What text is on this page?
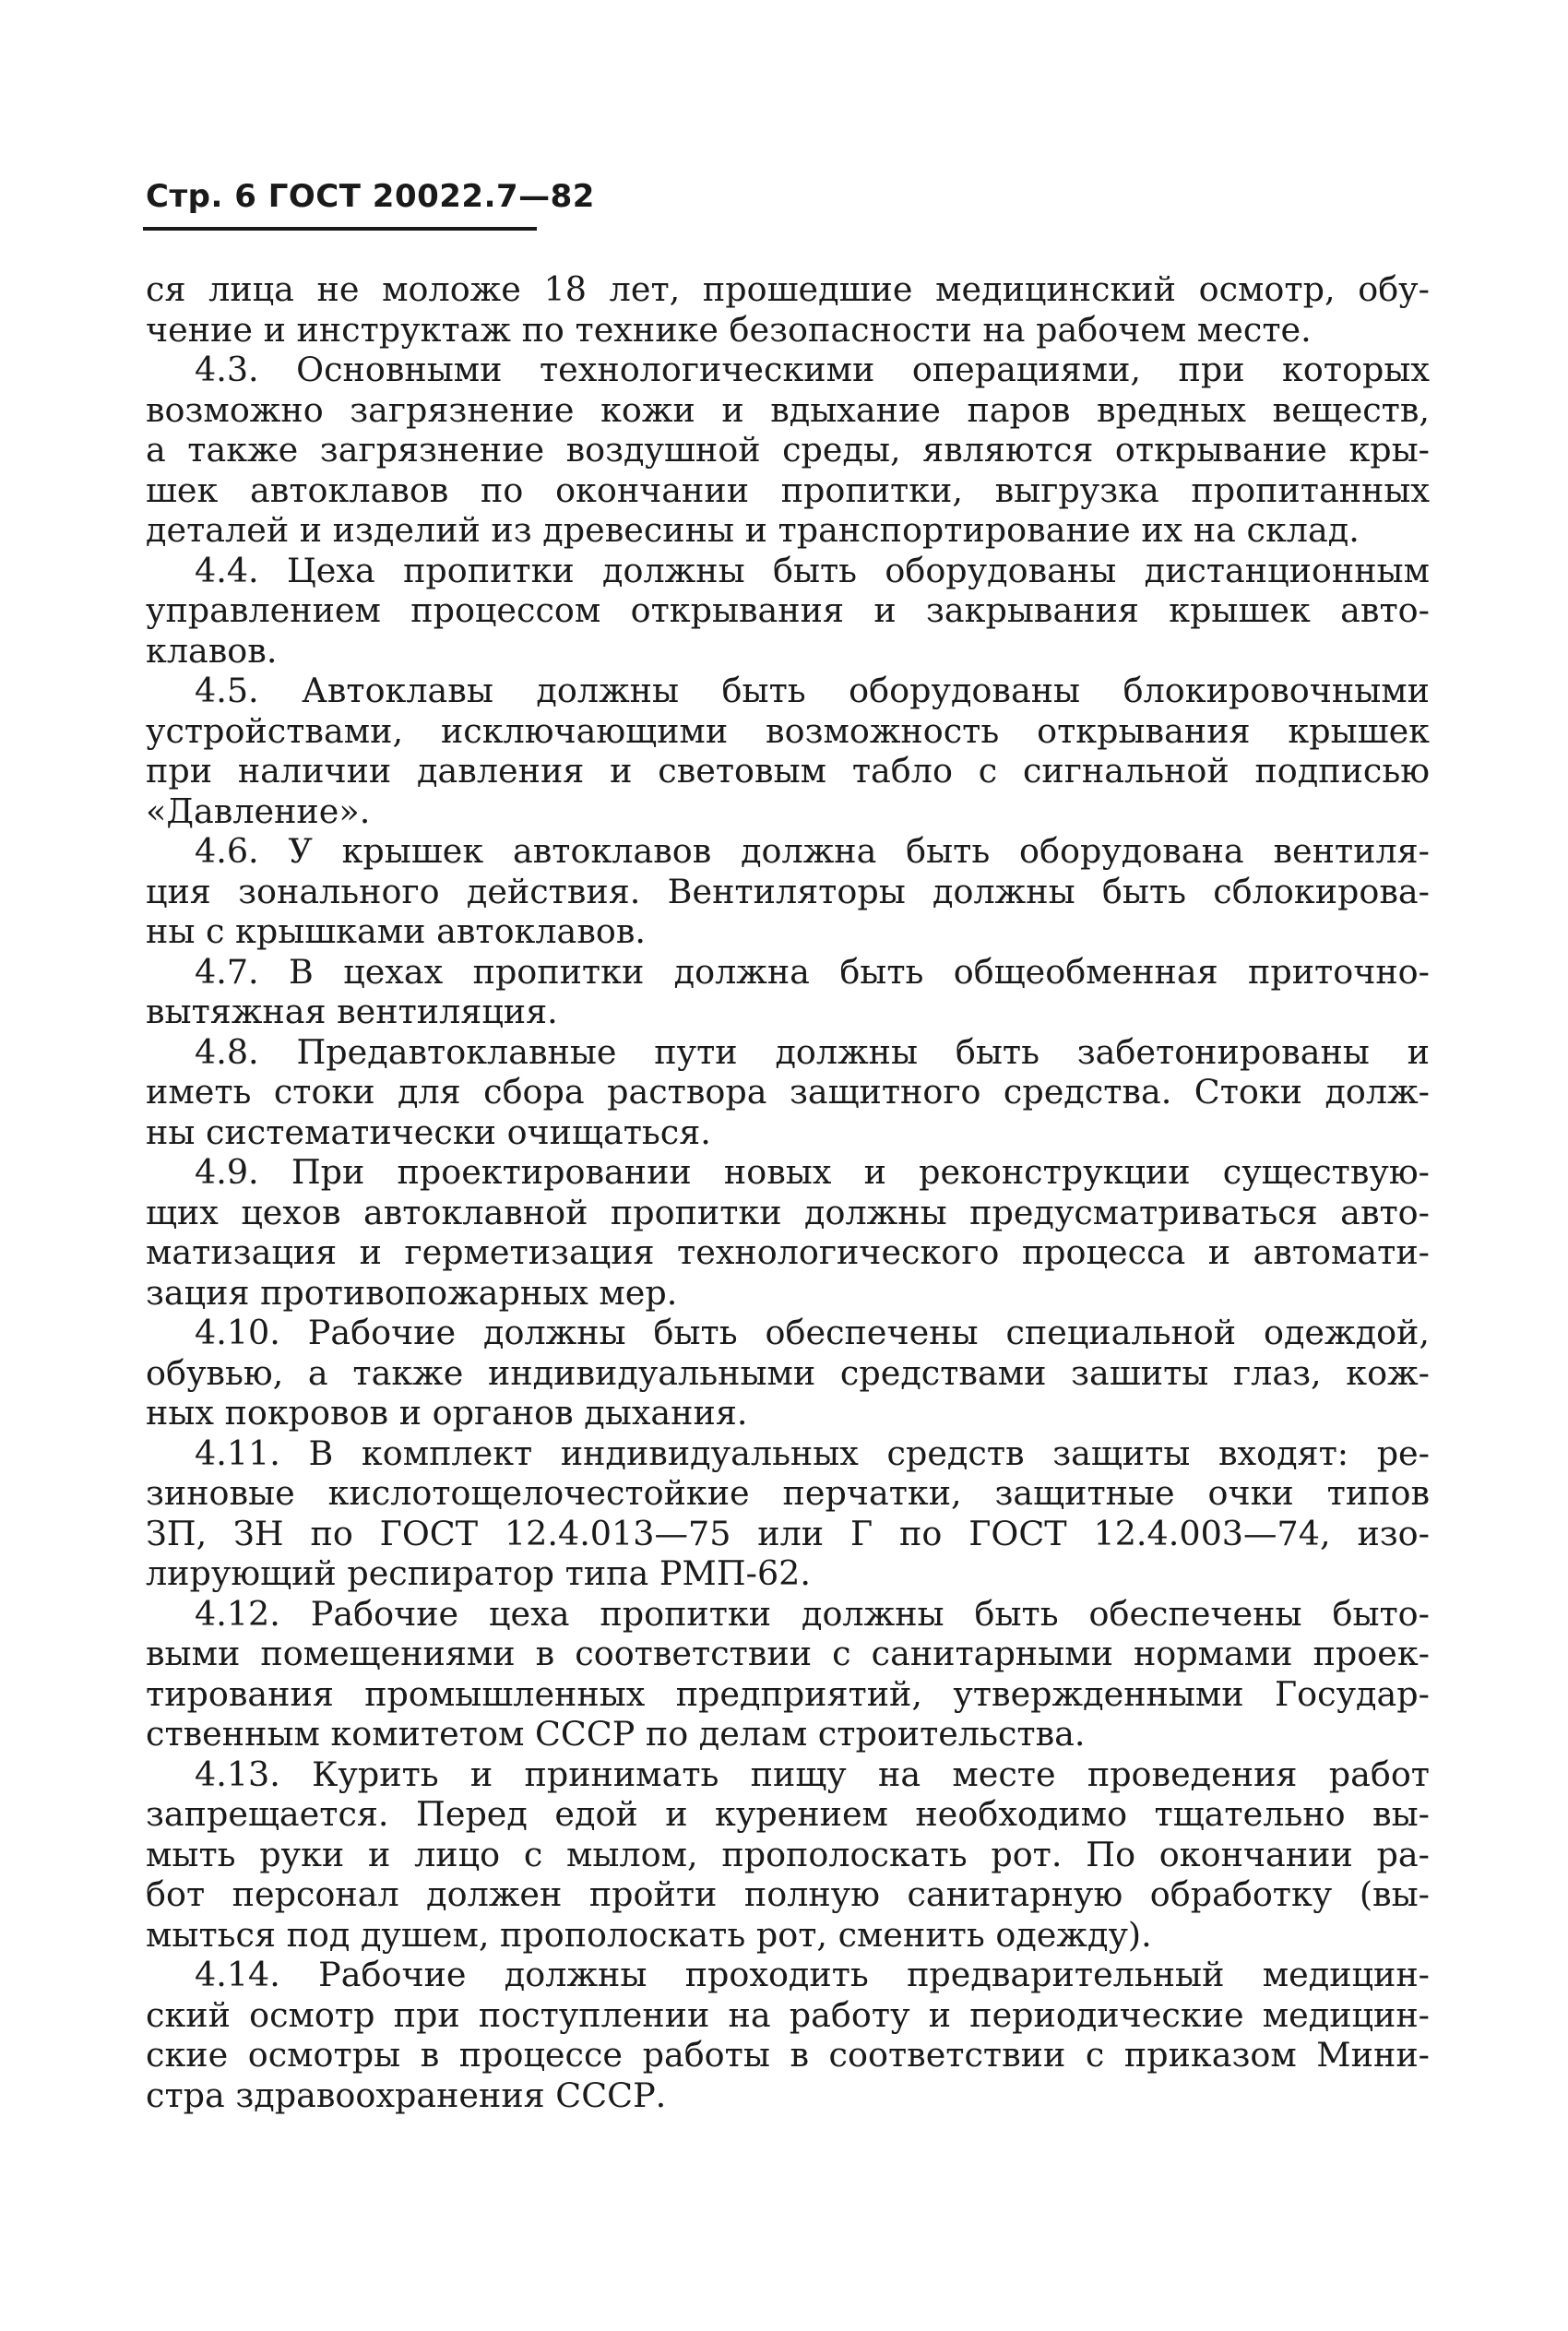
Стр. 6 ГОСТ 20022.7—82
ся лица не моложе 18 лет, прошедшие медицинский осмотр, обу-
чение и инструктаж по технике безопасности на рабочем месте.
4.3. Основными технологическими операциями, при которых
возможно загрязнение кожи и вдыхание паров вредных веществ,
а также загрязнение воздушной среды, являются открывание кры-
шек автоклавов по окончании пропитки, выгрузка пропитанных
деталей и изделий из древесины и транспортирование их на склад.
4.4. Цеха пропитки должны быть оборудованы дистанционным
управлением процессом открывания и закрывания крышек авто-
клавов.
4.5. Автоклавы должны быть оборудованы блокировочными
устройствами, исключающими возможность открывания крышек
при наличии давления и световым табло с сигнальной подписью
«Давление».
4.6. У крышек автоклавов должна быть оборудована вентиля-
ция зонального действия. Вентиляторы должны быть сблокирова-
ны с крышками автоклавов.
4.7. В цехах пропитки должна быть общеобменная приточно-
вытяжная вентиляция.
4.8. Предавтоклавные пути должны быть забетонированы и
иметь стоки для сбора раствора защитного средства. Стоки долж-
ны систематически очищаться.
4.9. При проектировании новых и реконструкции существую-
щих цехов автоклавной пропитки должны предусматриваться авто-
матизация и герметизация технологического процесса и автомати-
зация противопожарных мер.
4.10. Рабочие должны быть обеспечены специальной одеждой,
обувью, а также индивидуальными средствами зашиты глаз, кож-
ных покровов и органов дыхания.
4.11. В комплект индивидуальных средств защиты входят: ре-
зиновые кислотощелочестойкие перчатки, защитные очки типов
ЗП, ЗН по ГОСТ 12.4.013—75 или Г по ГОСТ 12.4.003—74, изо-
лирующий респиратор типа РМП-62.
4.12. Рабочие цеха пропитки должны быть обеспечены быто-
выми помещениями в соответствии с санитарными нормами проек-
тирования промышленных предприятий, утвержденными Государ-
ственным комитетом СССР по делам строительства.
4.13. Курить и принимать пищу на месте проведения работ
запрещается. Перед едой и курением необходимо тщательно вы-
мыть руки и лицо с мылом, прополоскать рот. По окончании ра-
бот персонал должен пройти полную санитарную обработку (вы-
мыться под душем, прополоскать рот, сменить одежду).
4.14. Рабочие должны проходить предварительный медицин-
ский осмотр при поступлении на работу и периодические медицин-
ские осмотры в процессе работы в соответствии с приказом Мини-
стра здравоохранения СССР.
